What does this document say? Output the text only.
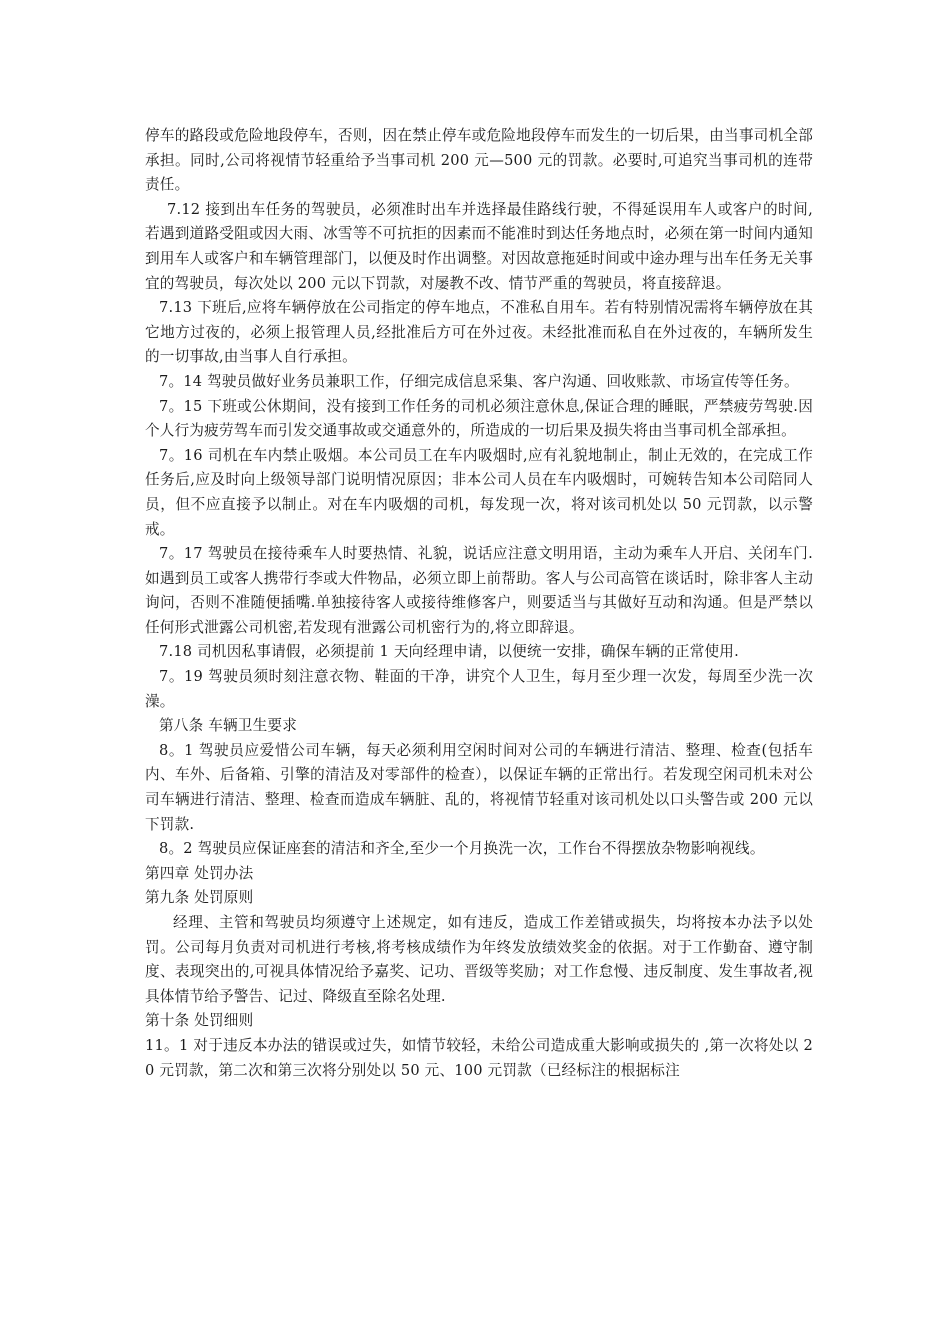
停车的路段或危险地段停车，否则，因在禁止停车或危险地段停车而发生的一切后果，由当事司机全部承担。同时,公司将视情节轻重给予当事司机 200 元—500 元的罚款。必要时,可追究当事司机的连带责任。

7.12 接到出车任务的驾驶员，必须准时出车并选择最佳路线行驶，不得延误用车人或客户的时间,若遇到道路受阻或因大雨、冰雪等不可抗拒的因素而不能准时到达任务地点时，必须在第一时间内通知到用车人或客户和车辆管理部门，以便及时作出调整。对因故意拖延时间或中途办理与出车任务无关事宜的驾驶员，每次处以 200 元以下罚款，对屡教不改、情节严重的驾驶员，将直接辞退。

7.13 下班后,应将车辆停放在公司指定的停车地点，不准私自用车。若有特别情况需将车辆停放在其它地方过夜的，必须上报管理人员,经批准后方可在外过夜。未经批准而私自在外过夜的，车辆所发生的一切事故,由当事人自行承担。

7。14 驾驶员做好业务员兼职工作，仔细完成信息采集、客户沟通、回收账款、市场宣传等任务。

7。15 下班或公休期间，没有接到工作任务的司机必须注意休息,保证合理的睡眠，严禁疲劳驾驶.因个人行为疲劳驾车而引发交通事故或交通意外的，所造成的一切后果及损失将由当事司机全部承担。

7。16 司机在车内禁止吸烟。本公司员工在车内吸烟时,应有礼貌地制止，制止无效的，在完成工作任务后,应及时向上级领导部门说明情况原因；非本公司人员在车内吸烟时，可婉转告知本公司陪同人员，但不应直接予以制止。对在车内吸烟的司机，每发现一次，将对该司机处以 50 元罚款，以示警戒。

7。17 驾驶员在接待乘车人时要热情、礼貌，说话应注意文明用语，主动为乘车人开启、关闭车门.如遇到员工或客人携带行李或大件物品，必须立即上前帮助。客人与公司高管在谈话时，除非客人主动询问，否则不准随便插嘴.单独接待客人或接待维修客户，则要适当与其做好互动和沟通。但是严禁以任何形式泄露公司机密,若发现有泄露公司机密行为的,将立即辞退。

7.18 司机因私事请假，必须提前 1 天向经理申请，以便统一安排，确保车辆的正常使用.

7。19 驾驶员须时刻注意衣物、鞋面的干净，讲究个人卫生，每月至少理一次发，每周至少洗一次澡。

第八条 车辆卫生要求

8。1 驾驶员应爱惜公司车辆，每天必须利用空闲时间对公司的车辆进行清洁、整理、检查(包括车内、车外、后备箱、引擎的清洁及对零部件的检查），以保证车辆的正常出行。若发现空闲司机未对公司车辆进行清洁、整理、检查而造成车辆脏、乱的，将视情节轻重对该司机处以口头警告或 200 元以下罚款.

8。2 驾驶员应保证座套的清洁和齐全,至少一个月换洗一次，工作台不得摆放杂物影响视线。

第四章 处罚办法

第九条 处罚原则

经理、主管和驾驶员均须遵守上述规定，如有违反，造成工作差错或损失，均将按本办法予以处罚。公司每月负责对司机进行考核,将考核成绩作为年终发放绩效奖金的依据。对于工作勤奋、遵守制度、表现突出的,可视具体情况给予嘉奖、记功、晋级等奖励；对工作怠慢、违反制度、发生事故者,视具体情节给予警告、记过、降级直至除名处理.

第十条 处罚细则

11。1 对于违反本办法的错误或过失，如情节较轻，未给公司造成重大影响或损失的 ,第一次将处以 20 元罚款，第二次和第三次将分别处以 50 元、100 元罚款（已经标注的根据标注
